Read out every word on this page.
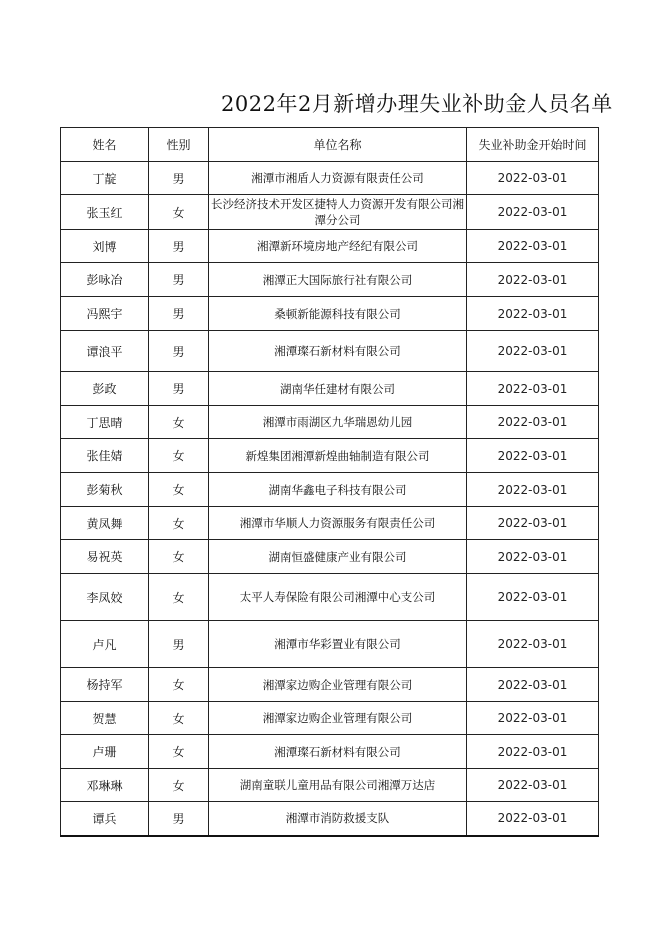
2022年2月新增办理失业补助金人员名单
姓名	性别	单位名称	失业补助金开始时间
丁靛	男	湘潭市湘盾人力资源有限责任公司	2022-03-01
张玉红	女	长沙经济技术开发区捷特人力资源开发有限公司湘潭分公司	2022-03-01
刘博	男	湘潭新环境房地产经纪有限公司	2022-03-01
彭咏冶	男	湘潭正大国际旅行社有限公司	2022-03-01
冯熙宇	男	桑顿新能源科技有限公司	2022-03-01
谭浪平	男	湘潭璨石新材料有限公司	2022-03-01
彭政	男	湖南华任建材有限公司	2022-03-01
丁思晴	女	湘潭市雨湖区九华瑞恩幼儿园	2022-03-01
张佳婧	女	新煌集团湘潭新煌曲轴制造有限公司	2022-03-01
彭菊秋	女	湖南华鑫电子科技有限公司	2022-03-01
黄凤舞	女	湘潭市华顺人力资源服务有限责任公司	2022-03-01
易祝英	女	湖南恒盛健康产业有限公司	2022-03-01
李凤姣	女	太平人寿保险有限公司湘潭中心支公司	2022-03-01
卢凡	男	湘潭市华彩置业有限公司	2022-03-01
杨持军	女	湘潭家边购企业管理有限公司	2022-03-01
贺慧	女	湘潭家边购企业管理有限公司	2022-03-01
卢珊	女	湘潭璨石新材料有限公司	2022-03-01
邓琳琳	女	湖南童联儿童用品有限公司湘潭万达店	2022-03-01
谭兵	男	湘潭市消防救援支队	2022-03-01
